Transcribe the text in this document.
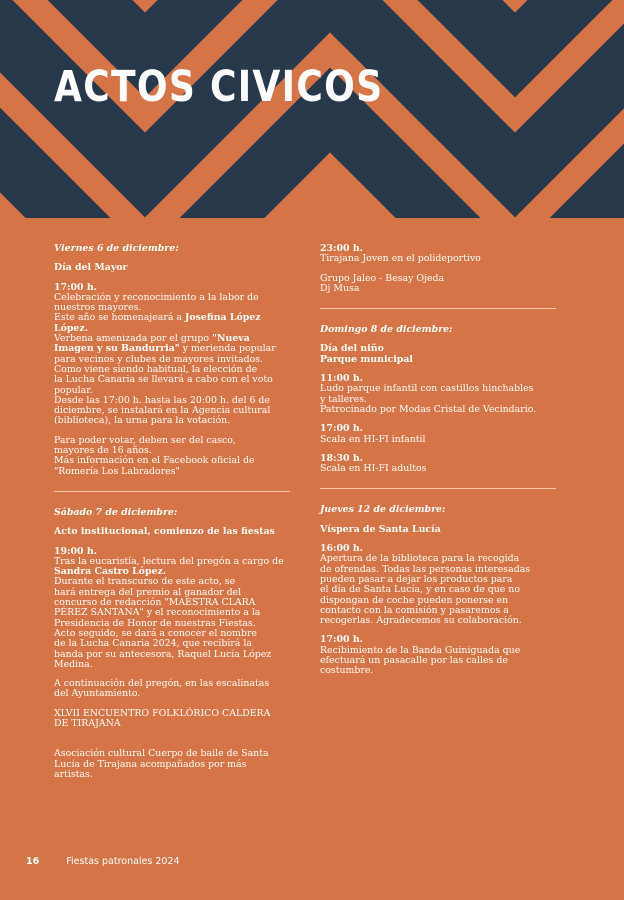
ACTOS CIVICOS
Viernes 6 de diciembre:
Día del Mayor
17:00 h.
Celebración y reconocimiento a la labor de
nuestros mayores.
Este año se homenajeará a Josefina López López.
Verbena amenizada por el grupo "Nueva Imagen y su Bandurria" y merienda popular para vecinos y clubes de mayores invitados.
Como viene siendo habitual, la elección de
la Lucha Canaria se llevará a cabo con el voto
popular.
Desde las 17:00 h. hasta las 20:00 h. del 6 de
diciembre, se instalará en la Agencia cultural
(biblioteca), la urna para la votación.
Para poder votar, deben ser del casco,
mayores de 16 años.
Más información en el Facebook oficial de
"Romería Los Labradores"
Sábado 7 de diciembre:
Acto institucional, comienzo de las fiestas
19:00 h.
Tras la eucaristía, lectura del pregón a cargo de Sandra Castro López.
Durante el transcurso de este acto, se
hará entrega del premio al ganador del
concurso de redacción "MAESTRA CLARA
PÉREZ SANTANA" y el reconocimiento a la
Presidencia de Honor de nuestras Fiestas.
Acto seguido, se dará a conocer el nombre
de la Lucha Canaria 2024, que recibirá la
banda por su antecesora, Raquel Lucía López
Medina.
A continuación del pregón, en las escalinatas
del Ayuntamiento.
XLVII ENCUENTRO FOLKLÓRICO CALDERA
DE TIRAJANA
Asociación cultural Cuerpo de baile de Santa
Lucía de Tirajana acompañados por más
artistas.
23:00 h.
Tirajana Joven en el polideportivo
Grupo Jaleo - Besay Ojeda
Dj Musa
Domingo 8 de diciembre:
Día del niño
Parque municipal
11:00 h.
Ludo parque infantil con castillos hinchables
y talleres.
Patrocinado por Modas Cristal de Vecindario.
17:00 h.
Scala en HI-FI infantil
18:30 h.
Scala en HI-FI adultos
Jueves 12 de diciembre:
Víspera de Santa Lucía
16:00 h.
Apertura de la biblioteca para la recogida
de ofrendas. Todas las personas interesadas
pueden pasar a dejar los productos para
el día de Santa Lucía, y en caso de que no
dispongan de coche pueden ponerse en
contacto con la comisión y pasaremos a
recogerlas. Agradecemos su colaboración.
17:00 h.
Recibimiento de la Banda Guiniguada que
efectuará un pasacalle por las calles de
costumbre.
16	Fiestas patronales 2024
